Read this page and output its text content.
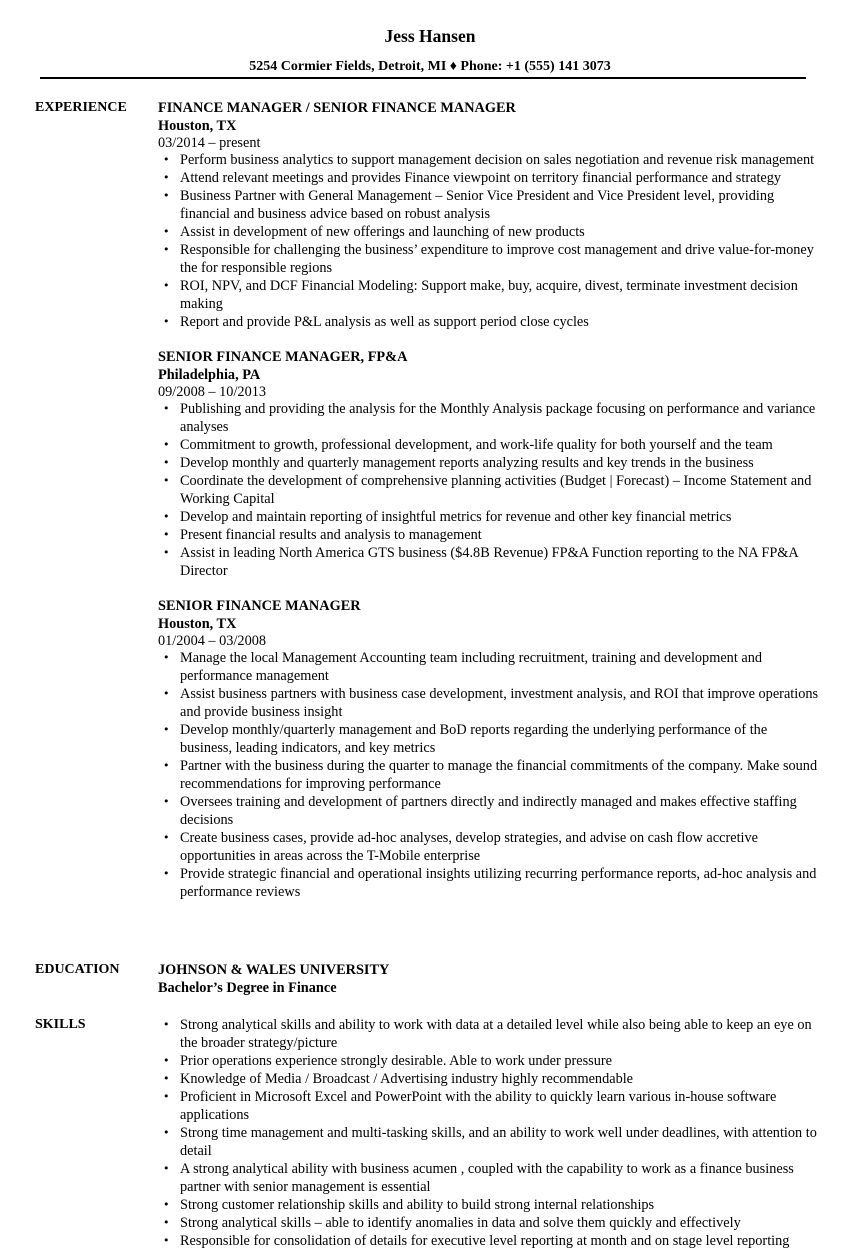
Jess Hansen
5254 Cormier Fields, Detroit, MI ♦ Phone: +1 (555) 141 3073
EXPERIENCE	FINANCE MANAGER / SENIOR FINANCE MANAGER
Houston, TX
03/2014 – present
• Perform business analytics to support management decision on sales negotiation and revenue risk management
• Attend relevant meetings and provides Finance viewpoint on territory financial performance and strategy
• Business Partner with General Management – Senior Vice President and Vice President level, providing financial and business advice based on robust analysis
• Assist in development of new offerings and launching of new products
• Responsible for challenging the business’ expenditure to improve cost management and drive value-for-money the for responsible regions
• ROI, NPV, and DCF Financial Modeling: Support make, buy, acquire, divest, terminate investment decision making
• Report and provide P&L analysis as well as support period close cycles
SENIOR FINANCE MANAGER, FP&A
Philadelphia, PA
09/2008 – 10/2013
• Publishing and providing the analysis for the Monthly Analysis package focusing on performance and variance analyses
• Commitment to growth, professional development, and work-life quality for both yourself and the team
• Develop monthly and quarterly management reports analyzing results and key trends in the business
• Coordinate the development of comprehensive planning activities (Budget | Forecast) – Income Statement and Working Capital
• Develop and maintain reporting of insightful metrics for revenue and other key financial metrics
• Present financial results and analysis to management
• Assist in leading North America GTS business ($4.8B Revenue) FP&A Function reporting to the NA FP&A Director
SENIOR FINANCE MANAGER
Houston, TX
01/2004 – 03/2008
• Manage the local Management Accounting team including recruitment, training and development and performance management
• Assist business partners with business case development, investment analysis, and ROI that improve operations and provide business insight
• Develop monthly/quarterly management and BoD reports regarding the underlying performance of the business, leading indicators, and key metrics
• Partner with the business during the quarter to manage the financial commitments of the company. Make sound recommendations for improving performance
• Oversees training and development of partners directly and indirectly managed and makes effective staffing decisions
• Create business cases, provide ad-hoc analyses, develop strategies, and advise on cash flow accretive opportunities in areas across the T-Mobile enterprise
• Provide strategic financial and operational insights utilizing recurring performance reports, ad-hoc analysis and performance reviews
EDUCATION	JOHNSON & WALES UNIVERSITY
Bachelor’s Degree in Finance
SKILLS
•	Strong analytical skills and ability to work with data at a detailed level while also being able to keep an eye on the broader strategy/picture
• Prior operations experience strongly desirable. Able to work under pressure
• Knowledge of Media / Broadcast / Advertising industry highly recommendable
• Proficient in Microsoft Excel and PowerPoint with the ability to quickly learn various in-house software applications
• Strong time management and multi-tasking skills, and an ability to work well under deadlines, with attention to detail
• A strong analytical ability with business acumen , coupled with the capability to work as a finance business partner with senior management is essential
• Strong customer relationship skills and ability to build strong internal relationships
• Strong analytical skills – able to identify anomalies in data and solve them quickly and effectively
• Responsible for consolidation of details for executive level reporting at month and on stage level reporting
